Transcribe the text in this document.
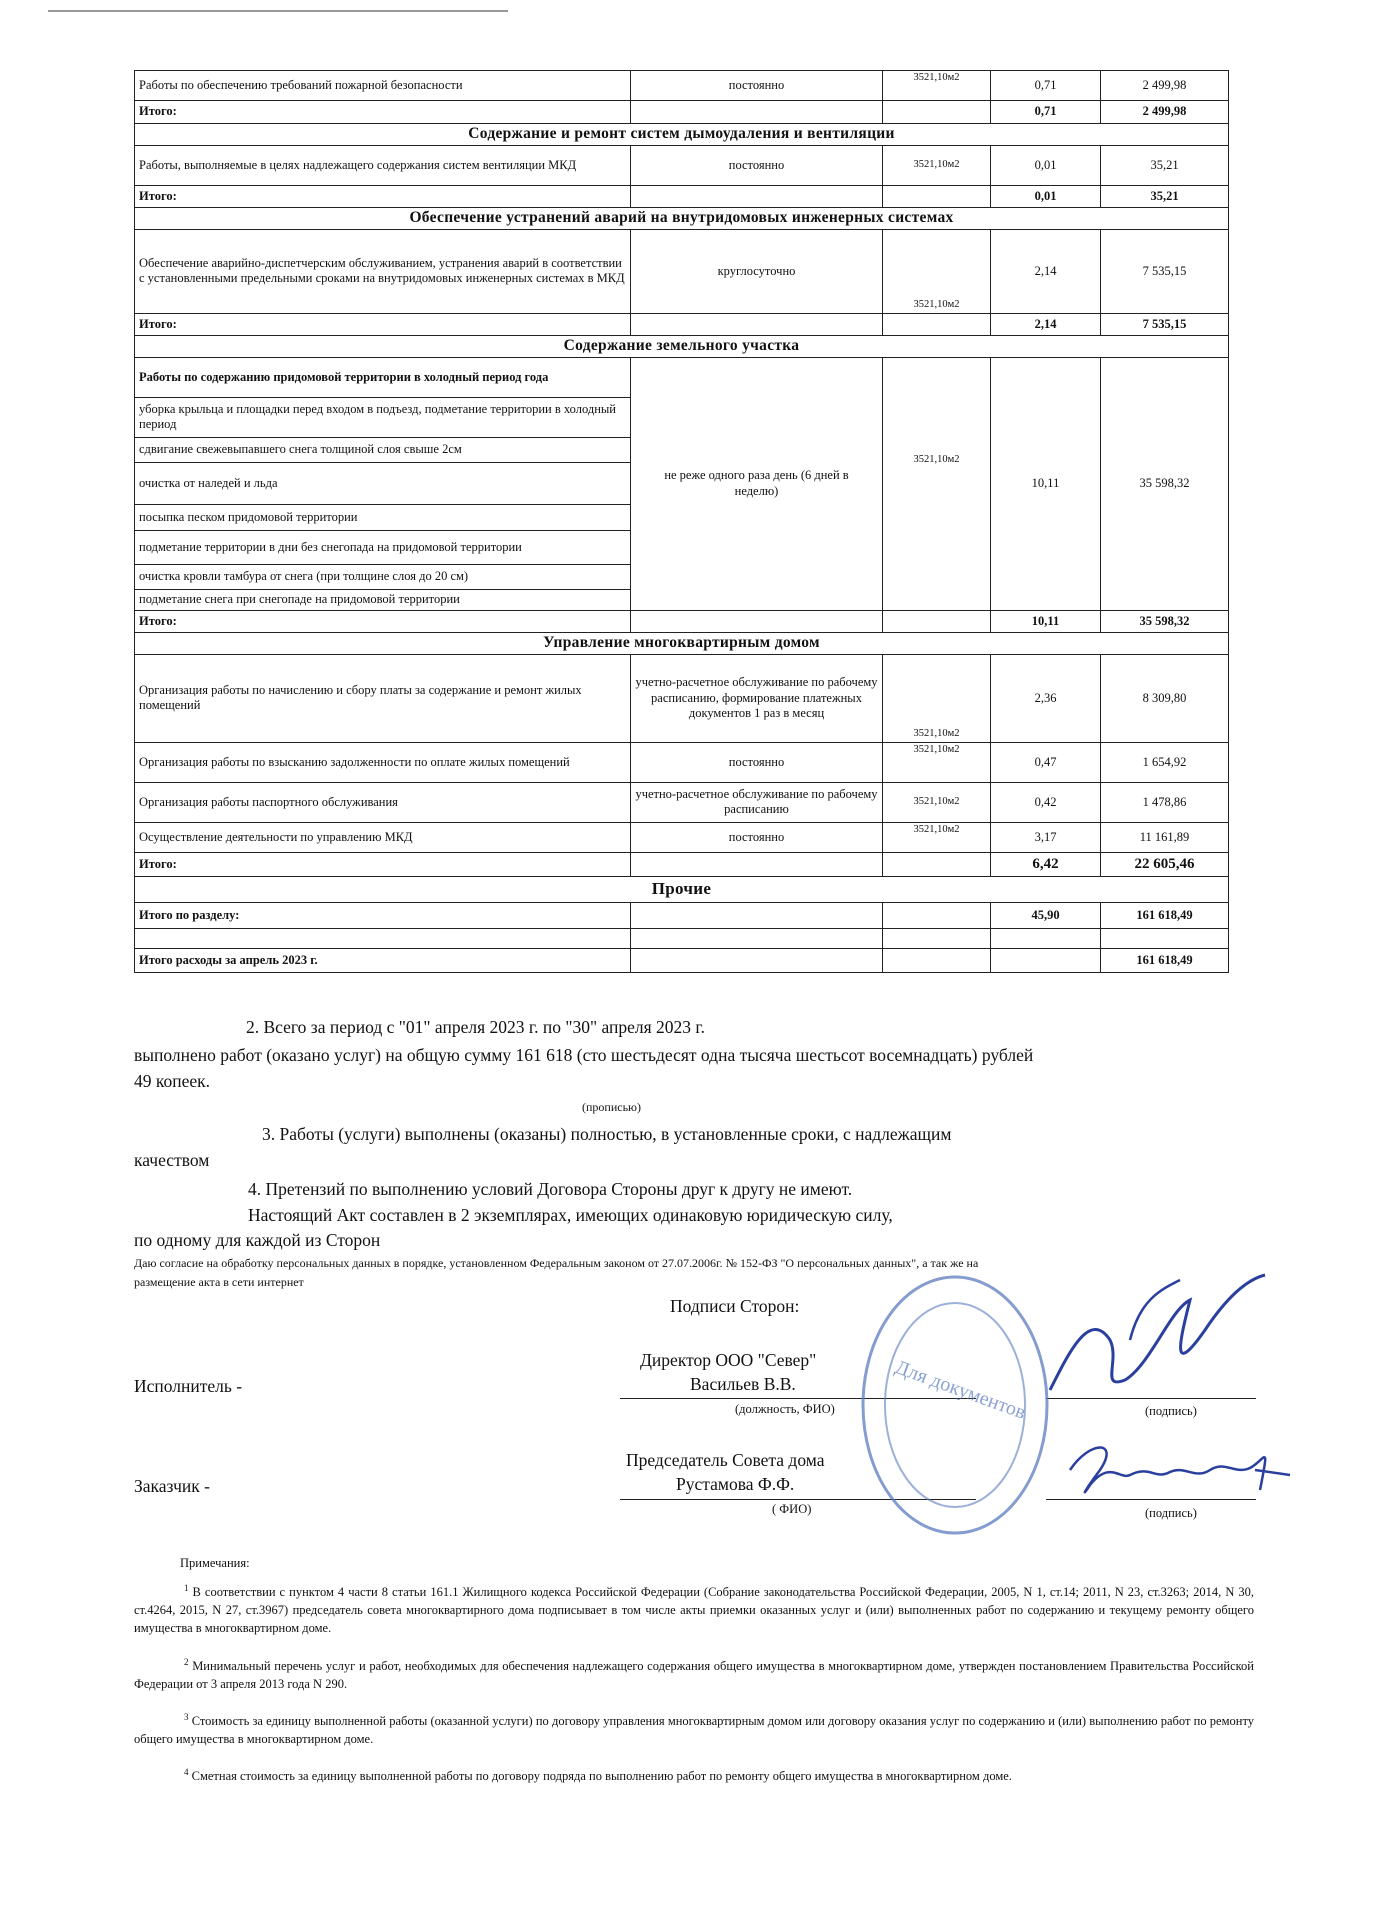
Работы по обеспечению требований пожарной безопасности	постоянно	3521,10м2	0,71	2 499,98
Итого:			0,71	2 499,98
Содержание и ремонт систем дымоудаления и вентиляции				
Работы, выполняемые в целях надлежащего содержания систем вентиляции МКД	постоянно	3521,10м2	0,01	35,21
Итого:			0,01	35,21
Обеспечение устранений аварий на внутридомовых инженерных системах				
Обеспечение аварийно-диспетчерским обслуживанием, устранения аварий в соответствии с установленными предельными сроками на внутридомовых инженерных системах в МКД	круглосуточно	3521,10м2	2,14	7 535,15
Итого:			2,14	7 535,15
Содержание земельного участка				
Работы по содержанию придомовой территории в холодный период года	не реже одного раза день (6 дней в неделю)	3521,10м2	10,11	35 598,32
уборка крыльца и площадки перед входом в подъезд, подметание территории в холодный период				
сдвигание свежевыпавшего снега толщиной слоя свыше 2см				
очистка от наледей и льда				
посыпка песком придомовой территории				
подметание территории в дни без снегопада на придомовой территории				
очистка кровли тамбура от снега (при толщине слоя до 20 см)				
подметание снега при снегопаде на придомовой территории				
Итого:			10,11	35 598,32
Управление многоквартирным домом				
Организация работы по начислению и сбору платы за содержание и ремонт жилых помещений	учетно-расчетное обслуживание по рабочему расписанию, формирование платежных документов 1 раз в месяц	3521,10м2	2,36	8 309,80
Организация работы по взысканию задолженности по оплате жилых помещений	постоянно	3521,10м2	0,47	1 654,92
Организация работы паспортного обслуживания	учетно-расчетное обслуживание по рабочему расписанию	3521,10м2	0,42	1 478,86
Осуществление деятельности по управлению МКД	постоянно	3521,10м2	3,17	11 161,89
Итого:			6,42	22 605,46
Прочие				
Итого по разделу:			45,90	161 618,49

Итого расходы за апрель 2023 г.				161 618,49
2. Всего за период с "01" апреля 2023 г. по "30" апреля 2023 г.
выполнено работ (оказано услуг) на общую сумму 161 618 (сто шестьдесят одна тысяча шестьсот восемнадцать) рублей
49 копеек.
(прописью)
3. Работы (услуги) выполнены (оказаны) полностью, в установленные сроки, с надлежащим
качеством
4. Претензий по выполнению условий Договора Стороны друг к другу не имеют.
Настоящий Акт составлен в 2 экземплярах, имеющих одинаковую юридическую силу,
по одному для каждой из Сторон
Даю согласие на обработку персональных данных в порядке, установленном Федеральным законом от 27.07.2006г. № 152-ФЗ "О персональных данных", а так же на
размещение акта в сети интернет
Подписи Сторон:
Исполнитель -
Директор ООО "Север"
Васильев В.В.
(должность, ФИО)	(подпись)
Заказчик -
Председатель Совета дома
Рустамова Ф.Ф.
( ФИО)	(подпись)
Для документов
Примечания:

$^1$ В соответствии с пунктом 4 части 8 статьи 161.1 Жилищного кодекса Российской Федерации (Собрание законодательства Российской Федерации, 2005, N 1, ст.14; 2011, N 23, ст.3263; 2014, N 30, ст.4264, 2015, N 27, ст.3967) председатель совета многоквартирного дома подписывает в том числе акты приемки оказанных услуг и (или) выполненных работ по содержанию и текущему ремонту общего имущества в многоквартирном доме.

$^2$ Минимальный перечень услуг и работ, необходимых для обеспечения надлежащего содержания общего имущества в многоквартирном доме, утвержден постановлением Правительства Российской Федерации от 3 апреля 2013 года N 290.

$^3$ Стоимость за единицу выполненной работы (оказанной услуги) по договору управления многоквартирным домом или договору оказания услуг по содержанию и (или) выполнению работ по ремонту общего имущества в многоквартирном доме.

$^4$ Сметная стоимость за единицу выполненной работы по договору подряда по выполнению работ по ремонту общего имущества в многоквартирном доме.
